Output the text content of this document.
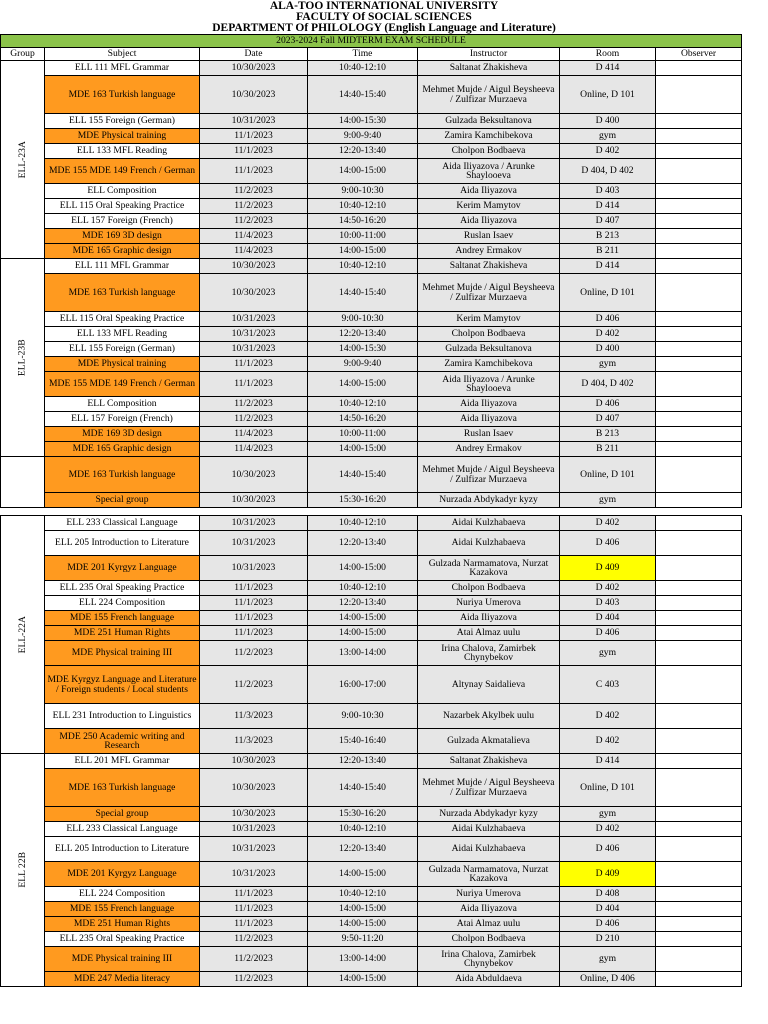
ALA-TOO INTERNATIONAL UNIVERSITY
FACULTY Of SOCIAL SCIENCES
DEPARTMENT Of PHILOLOGY (English Language and Literature)
2023-2024 Fall MIDTERM EXAM SCHEDULE						
Group	Subject	Date	Time	Instructor	Room	Observer
ELL-23A	ELL 111 MFL Grammar	10/30/2023	10:40-12:10	Saltanat Zhakisheva	D 414	
	MDE 163 Turkish language	10/30/2023	14:40-15:40	Mehmet Mujde / Aigul Beysheeva / Zulfizar Murzaeva	Online, D 101	
	ELL 155 Foreign (German)	10/31/2023	14:00-15:30	Gulzada Beksultanova	D 400	
	MDE Physical training	11/1/2023	9:00-9:40	Zamira Kamchibekova	gym	
	ELL 133 MFL Reading	11/1/2023	12:20-13:40	Cholpon Bodbaeva	D 402	
	MDE 155 MDE 149 French / German	11/1/2023	14:00-15:00	Aida Iliyazova / Arunke Shaylooeva	D 404, D 402	
	ELL Composition	11/2/2023	9:00-10:30	Aida Iliyazova	D 403	
	ELL 115 Oral Speaking Practice	11/2/2023	10:40-12:10	Kerim Mamytov	D 414	
	ELL 157 Foreign (French)	11/2/2023	14:50-16:20	Aida Iliyazova	D 407	
	MDE 169 3D design	11/4/2023	10:00-11:00	Ruslan Isaev	B 213	
	MDE 165 Graphic design	11/4/2023	14:00-15:00	Andrey Ermakov	B 211	
ELL-23B	ELL 111 MFL Grammar	10/30/2023	10:40-12:10	Saltanat Zhakisheva	D 414	
	MDE 163 Turkish language	10/30/2023	14:40-15:40	Mehmet Mujde / Aigul Beysheeva / Zulfizar Murzaeva	Online, D 101	
	ELL 115 Oral Speaking Practice	10/31/2023	9:00-10:30	Kerim Mamytov	D 406	
	ELL 133 MFL Reading	10/31/2023	12:20-13:40	Cholpon Bodbaeva	D 402	
	ELL 155 Foreign (German)	10/31/2023	14:00-15:30	Gulzada Beksultanova	D 400	
	MDE Physical training	11/1/2023	9:00-9:40	Zamira Kamchibekova	gym	
	MDE 155 MDE 149 French / German	11/1/2023	14:00-15:00	Aida Iliyazova / Arunke Shaylooeva	D 404, D 402	
	ELL Composition	11/2/2023	10:40-12:10	Aida Iliyazova	D 406	
	ELL 157 Foreign (French)	11/2/2023	14:50-16:20	Aida Iliyazova	D 407	
	MDE 169 3D design	11/4/2023	10:00-11:00	Ruslan Isaev	B 213	
	MDE 165 Graphic design	11/4/2023	14:00-15:00	Andrey Ermakov	B 211	
	MDE 163 Turkish language	10/30/2023	14:40-15:40	Mehmet Mujde / Aigul Beysheeva / Zulfizar Murzaeva	Online, D 101	
	Special group	10/30/2023	15:30-16:20	Nurzada Abdykadyr kyzy	gym	

ELL-22A	ELL 233 Classical Language	10/31/2023	10:40-12:10	Aidai Kulzhabaeva	D 402	
	ELL 205 Introduction to Literature	10/31/2023	12:20-13:40	Aidai Kulzhabaeva	D 406	
	MDE 201 Kyrgyz Language	10/31/2023	14:00-15:00	Gulzada Narmamatova, Nurzat Kazakova	D 409	
	ELL 235 Oral Speaking Practice	11/1/2023	10:40-12:10	Cholpon Bodbaeva	D 402	
	ELL 224 Composition	11/1/2023	12:20-13:40	Nuriya Umerova	D 403	
	MDE 155 French language	11/1/2023	14:00-15:00	Aida Iliyazova	D 404	
	MDE 251 Human Rights	11/1/2023	14:00-15:00	Atai Almaz uulu	D 406	
	MDE Physical training III	11/2/2023	13:00-14:00	Irina Chalova, Zamirbek Chynybekov	gym	
	MDE Kyrgyz Language and Literature / Foreign students / Local students	11/2/2023	16:00-17:00	Altynay Saidalieva	C 403	
	ELL 231 Introduction to Linguistics	11/3/2023	9:00-10:30	Nazarbek Akylbek uulu	D 402	
	MDE 250 Academic writing and Research	11/3/2023	15:40-16:40	Gulzada Akmatalieva	D 402	
ELL 22B	ELL 201 MFL Grammar	10/30/2023	12:20-13:40	Saltanat Zhakisheva	D 414	
	MDE 163 Turkish language	10/30/2023	14:40-15:40	Mehmet Mujde / Aigul Beysheeva / Zulfizar Murzaeva	Online, D 101	
	Special group	10/30/2023	15:30-16:20	Nurzada Abdykadyr kyzy	gym	
	ELL 233 Classical Language	10/31/2023	10:40-12:10	Aidai Kulzhabaeva	D 402	
	ELL 205 Introduction to Literature	10/31/2023	12:20-13:40	Aidai Kulzhabaeva	D 406	
	MDE 201 Kyrgyz Language	10/31/2023	14:00-15:00	Gulzada Narmamatova, Nurzat Kazakova	D 409	
	ELL 224 Composition	11/1/2023	10:40-12:10	Nuriya Umerova	D 408	
	MDE 155 French language	11/1/2023	14:00-15:00	Aida Iliyazova	D 404	
	MDE 251 Human Rights	11/1/2023	14:00-15:00	Atai Almaz uulu	D 406	
	ELL 235 Oral Speaking Practice	11/2/2023	9:50-11:20	Cholpon Bodbaeva	D 210	
	MDE Physical training III	11/2/2023	13:00-14:00	Irina Chalova, Zamirbek Chynybekov	gym	
	MDE 247 Media literacy	11/2/2023	14:00-15:00	Aida Abduldaeva	Online, D 406	
